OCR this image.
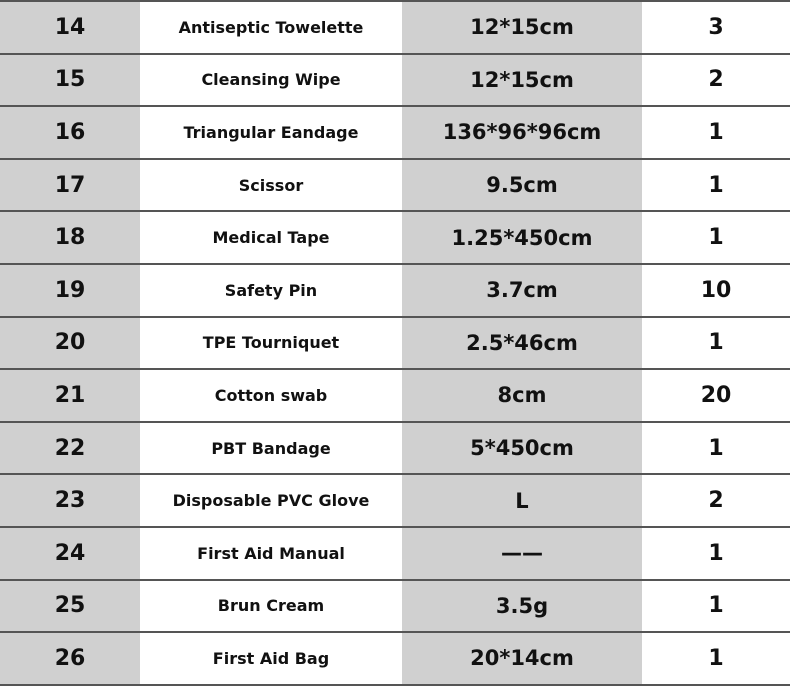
14	Antiseptic Towelette	12*15cm	3
15	Cleansing Wipe	12*15cm	2
16	Triangular Eandage	136*96*96cm	1
17	Scissor	9.5cm	1
18	Medical Tape	1.25*450cm	1
19	Safety Pin	3.7cm	10
20	TPE Tourniquet	2.5*46cm	1
21	Cotton swab	8cm	20
22	PBT Bandage	5*450cm	1
23	Disposable PVC Glove	L	2
24	First Aid Manual	——	1
25	Brun Cream	3.5g	1
26	First Aid Bag	20*14cm	1
